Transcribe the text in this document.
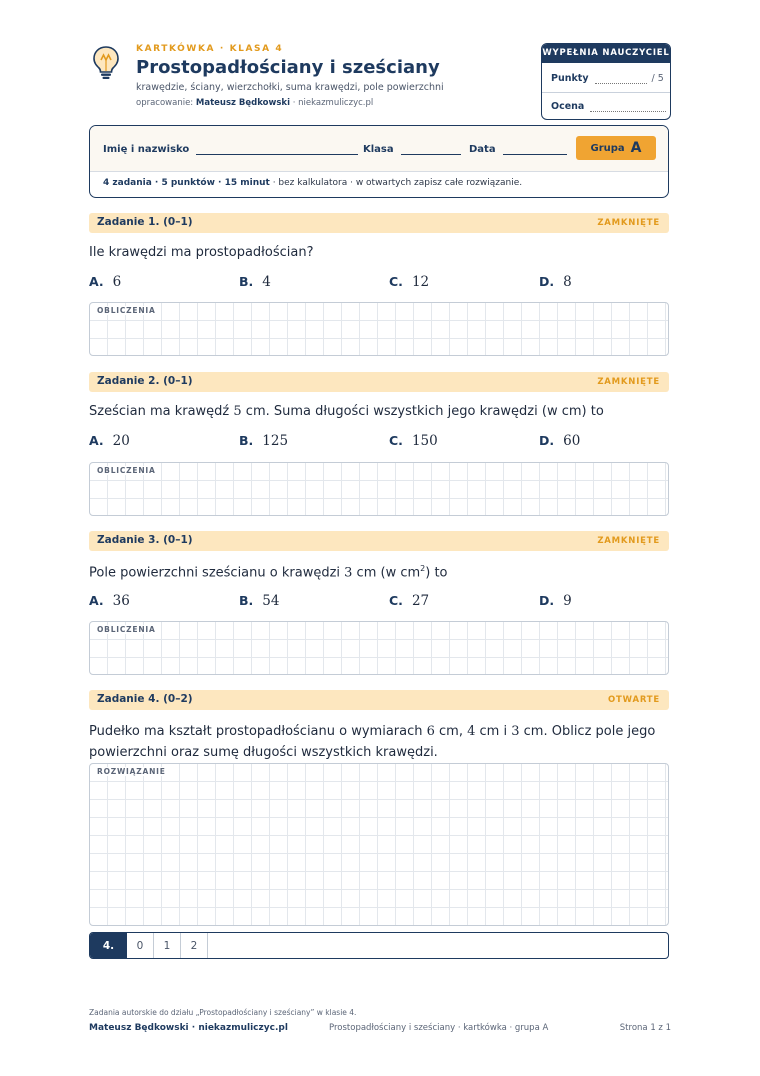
KARTKÓWKA · KLASA 4
Prostopadłościany i sześciany
krawędzie, ściany, wierzchołki, suma krawędzi, pole powierzchni
opracowanie: Mateusz Będkowski · niekazmuliczyc.pl
WYPEŁNIA NAUCZYCIEL
Punkty	/ 5
Ocena
Imię i nazwisko	Klasa	Data	Grupa A
4 zadania · 5 punktów · 15 minut · bez kalkulatora · w otwartych zapisz całe rozwiązanie.
Zadanie 1. (0–1)	ZAMKNIĘTE
Ile krawędzi ma prostopadłościan?
A. 6	B. 4	C. 12	D. 8
OBLICZENIA
Zadanie 2. (0–1)	ZAMKNIĘTE
Sześcian ma krawędź 5 cm. Suma długości wszystkich jego krawędzi (w cm) to
A. 20	B. 125	C. 150	D. 60
OBLICZENIA
Zadanie 3. (0–1)	ZAMKNIĘTE
Pole powierzchni sześcianu o krawędzi 3 cm (w $cm^2$) to
A. 36	B. 54	C. 27	D. 9
OBLICZENIA
Zadanie 4. (0–2)	OTWARTE
Pudełko ma kształt prostopadłościanu o wymiarach 6 cm, 4 cm i 3 cm. Oblicz pole jego powierzchni oraz sumę długości wszystkich krawędzi.
ROZWIĄZANIE
4.	0	1	2
Zadania autorskie do działu „Prostopadłościany i sześciany” w klasie 4.
Mateusz Będkowski · niekazmuliczyc.pl	Prostopadłościany i sześciany · kartkówka · grupa A	Strona 1 z 1
